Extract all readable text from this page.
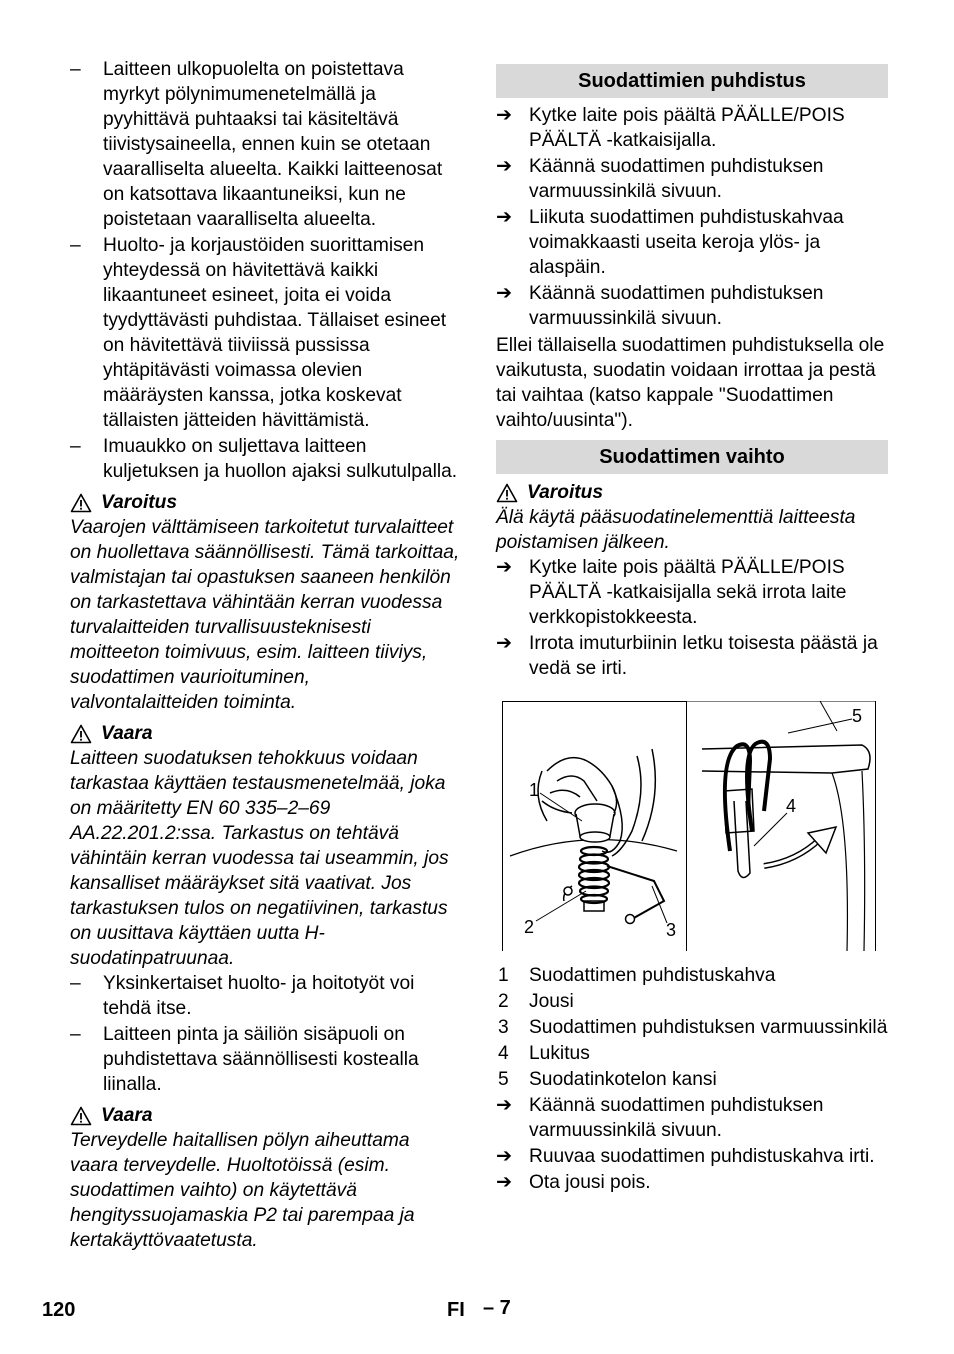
– Laitteen ulkopuolelta on poistettava myrkyt pölynimumenetelmällä ja pyyhittävä puhtaaksi tai käsiteltävä tiivistysaineella, ennen kuin se otetaan vaaralliselta alueelta. Kaikki laitteenosat on katsottava likaantuneiksi, kun ne poistetaan vaaralliselta alueelta.
– Huolto- ja korjaustöiden suorittamisen yhteydessä on hävitettävä kaikki likaantuneet esineet, joita ei voida tyydyttävästi puhdistaa. Tällaiset esineet on hävitettävä tiiviissä pussissa yhtäpitävästi voimassa olevien määräysten kanssa, jotka koskevat tällaisten jätteiden hävittämistä.
– Imuaukko on suljettava laitteen kuljetuksen ja huollon ajaksi sulkutulpalla.
Varoitus
Vaarojen välttämiseen tarkoitetut turvalaitteet on huollettava säännöllisesti. Tämä tarkoittaa, valmistajan tai opastuksen saaneen henkilön on tarkastettava vähintään kerran vuodessa turvalaitteiden turvallisuusteknisesti moitteeton toimivuus, esim. laitteen tiiviys, suodattimen vaurioituminen, valvontalaitteiden toiminta.
Vaara
Laitteen suodatuksen tehokkuus voidaan tarkastaa käyttäen testausmenetelmää, joka on määritetty EN 60 335–2–69 AA.22.201.2:ssa. Tarkastus on tehtävä vähintäin kerran vuodessa tai useammin, jos kansalliset määräykset sitä vaativat. Jos tarkastuksen tulos on negatiivinen, tarkastus on uusittava käyttäen uutta H-suodatinpatruunaa.
– Yksinkertaiset huolto- ja hoitotyöt voi tehdä itse.
– Laitteen pinta ja säiliön sisäpuoli on puhdistettava säännöllisesti kostealla liinalla.
Vaara
Terveydelle haitallisen pölyn aiheuttama vaara terveydelle. Huoltotöissä (esim. suodattimen vaihto) on käytettävä hengityssuojamaskia P2 tai parempaa ja kertakäyttövaatetusta.
Suodattimien puhdistus
➔ Kytke laite pois päältä PÄÄLLE/POIS PÄÄLTÄ -katkaisijalla.
➔ Käännä suodattimen puhdistuksen varmuussinkilä sivuun.
➔ Liikuta suodattimen puhdistuskahvaa voimakkaasti useita keroja ylös- ja alaspäin.
➔ Käännä suodattimen puhdistuksen varmuussinkilä sivuun.
Ellei tällaisella suodattimen puhdistuksella ole vaikutusta, suodatin voidaan irrottaa ja pestä tai vaihtaa (katso kappale "Suodattimen vaihto/uusinta").
Suodattimen vaihto
Varoitus
Älä käytä pääsuodatinelementtiä laitteesta poistamisen jälkeen.
➔ Kytke laite pois päältä PÄÄLLE/POIS PÄÄLTÄ -katkaisijalla sekä irrota laite verkkopistokkeesta.
➔ Irrota imuturbiinin letku toisesta päästä ja vedä se irti.
1
2	3
4
5
1 Suodattimen puhdistuskahva
2 Jousi
3 Suodattimen puhdistuksen varmuussinkilä
4 Lukitus
5 Suodatinkotelon kansi
➔ Käännä suodattimen puhdistuksen varmuussinkilä sivuun.
➔ Ruuvaa suodattimen puhdistuskahva irti.
➔ Ota jousi pois.
120	FI – 7
